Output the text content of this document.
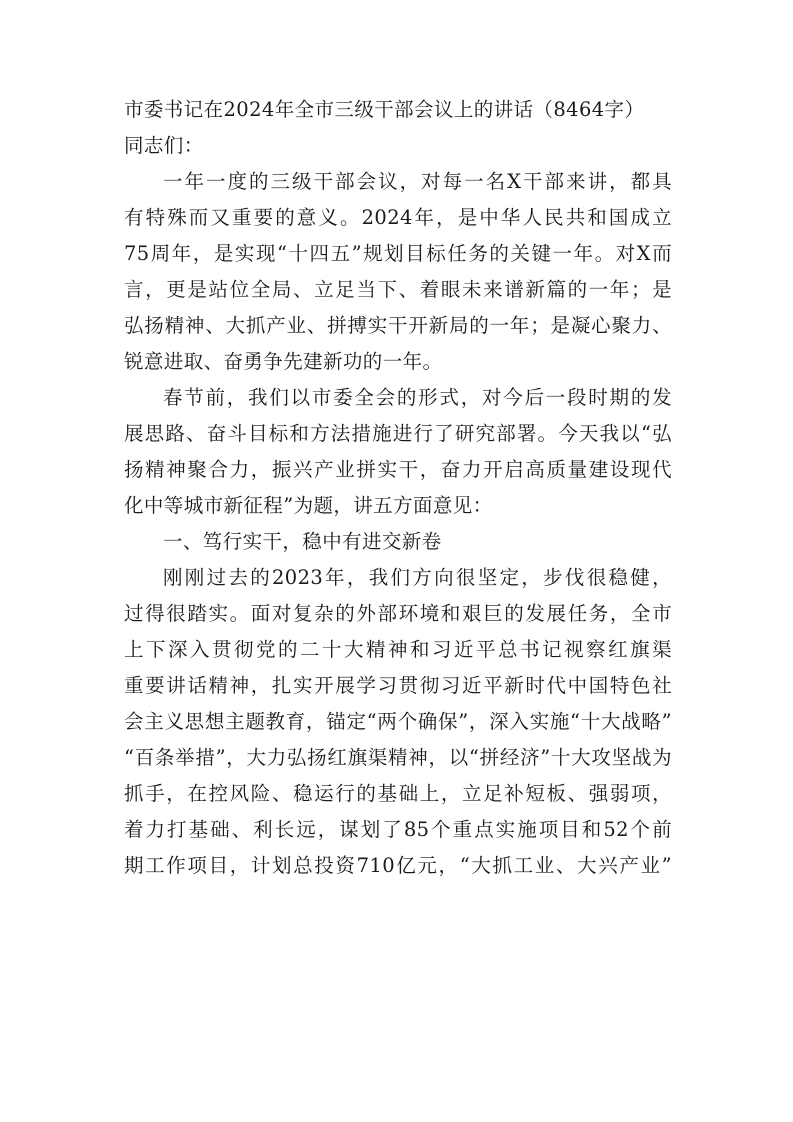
市委书记在2024年全市三级干部会议上的讲话（8464字）
同志们：
一年一度的三级干部会议，对每一名X干部来讲，都具
有特殊而又重要的意义。2024年，是中华人民共和国成立
75周年，是实现“十四五”规划目标任务的关键一年。对X而
言，更是站位全局、立足当下、着眼未来谱新篇的一年；是
弘扬精神、大抓产业、拼搏实干开新局的一年；是凝心聚力、
锐意进取、奋勇争先建新功的一年。
春节前，我们以市委全会的形式，对今后一段时期的发
展思路、奋斗目标和方法措施进行了研究部署。今天我以“弘
扬精神聚合力，振兴产业拼实干，奋力开启高质量建设现代
化中等城市新征程”为题，讲五方面意见：
一、笃行实干，稳中有进交新卷
刚刚过去的2023年，我们方向很坚定，步伐很稳健，
过得很踏实。面对复杂的外部环境和艰巨的发展任务，全市
上下深入贯彻党的二十大精神和习近平总书记视察红旗渠
重要讲话精神，扎实开展学习贯彻习近平新时代中国特色社
会主义思想主题教育，锚定“两个确保”，深入实施“十大战略”
“百条举措”，大力弘扬红旗渠精神，以“拼经济”十大攻坚战为
抓手，在控风险、稳运行的基础上，立足补短板、强弱项，
着力打基础、利长远，谋划了85个重点实施项目和52个前
期工作项目，计划总投资710亿元，“大抓工业、大兴产业”
